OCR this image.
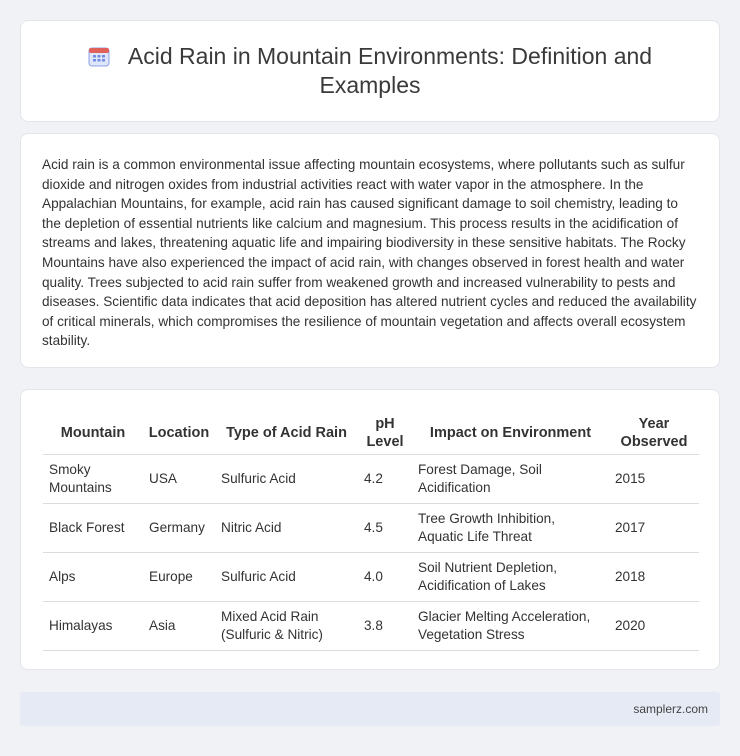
Acid Rain in Mountain Environments: Definition and Examples

Acid rain is a common environmental issue affecting mountain ecosystems, where pollutants such as sulfur dioxide and nitrogen oxides from industrial activities react with water vapor in the atmosphere. In the Appalachian Mountains, for example, acid rain has caused significant damage to soil chemistry, leading to the depletion of essential nutrients like calcium and magnesium. This process results in the acidification of streams and lakes, threatening aquatic life and impairing biodiversity in these sensitive habitats. The Rocky Mountains have also experienced the impact of acid rain, with changes observed in forest health and water quality. Trees subjected to acid rain suffer from weakened growth and increased vulnerability to pests and diseases. Scientific data indicates that acid deposition has altered nutrient cycles and reduced the availability of critical minerals, which compromises the resilience of mountain vegetation and affects overall ecosystem stability.

Mountain	Location	Type of Acid Rain	pH Level	Impact on Environment	Year Observed
Smoky Mountains	USA	Sulfuric Acid	4.2	Forest Damage, Soil Acidification	2015
Black Forest	Germany	Nitric Acid	4.5	Tree Growth Inhibition, Aquatic Life Threat	2017
Alps	Europe	Sulfuric Acid	4.0	Soil Nutrient Depletion, Acidification of Lakes	2018
Himalayas	Asia	Mixed Acid Rain (Sulfuric & Nitric)	3.8	Glacier Melting Acceleration, Vegetation Stress	2020
samplerz.com
